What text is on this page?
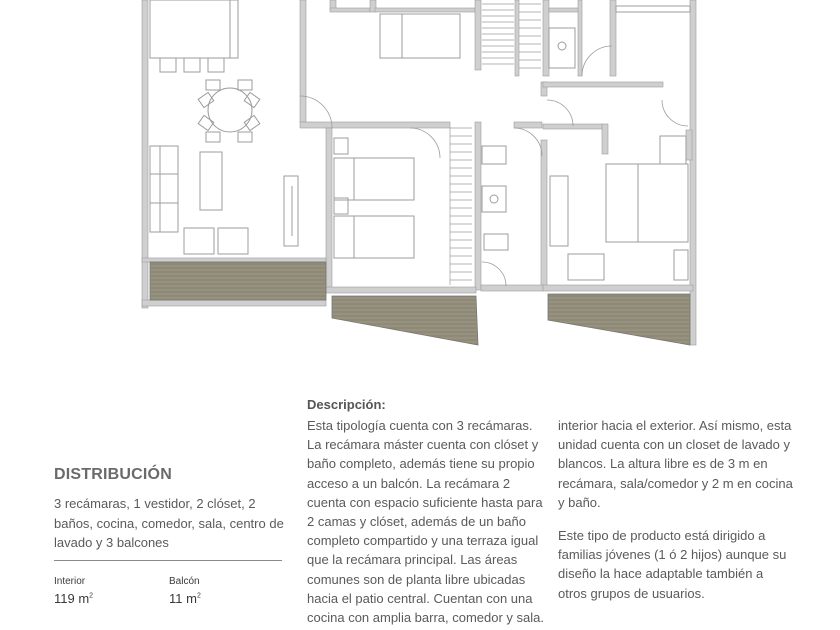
DISTRIBUCIÓN

3 recámaras, 1 vestidor, 2 clóset, 2 baños, cocina, comedor, sala, centro de lavado y 3 balcones

Interior
119 $m^2$
Balcón
11 $m^2$
Descripción:
Esta tipología cuenta con 3 recámaras.
La recámara máster cuenta con clóset y
baño completo, además tiene su propio
acceso a un balcón. La recámara 2
cuenta con espacio suficiente hasta para
2 camas y clóset, además de un baño
completo compartido y una terraza igual
que la recámara principal. Las áreas
comunes son de planta libre ubicadas
hacia el patio central. Cuentan con una
cocina con amplia barra, comedor y sala.
interior hacia el exterior. Así mismo, esta
unidad cuenta con un closet de lavado y
blancos. La altura libre es de 3 m en
recámara, sala/comedor y 2 m en cocina
y baño.
Este tipo de producto está dirigido a
familias jóvenes (1 ó 2 hijos) aunque su
diseño la hace adaptable también a
otros grupos de usuarios.
